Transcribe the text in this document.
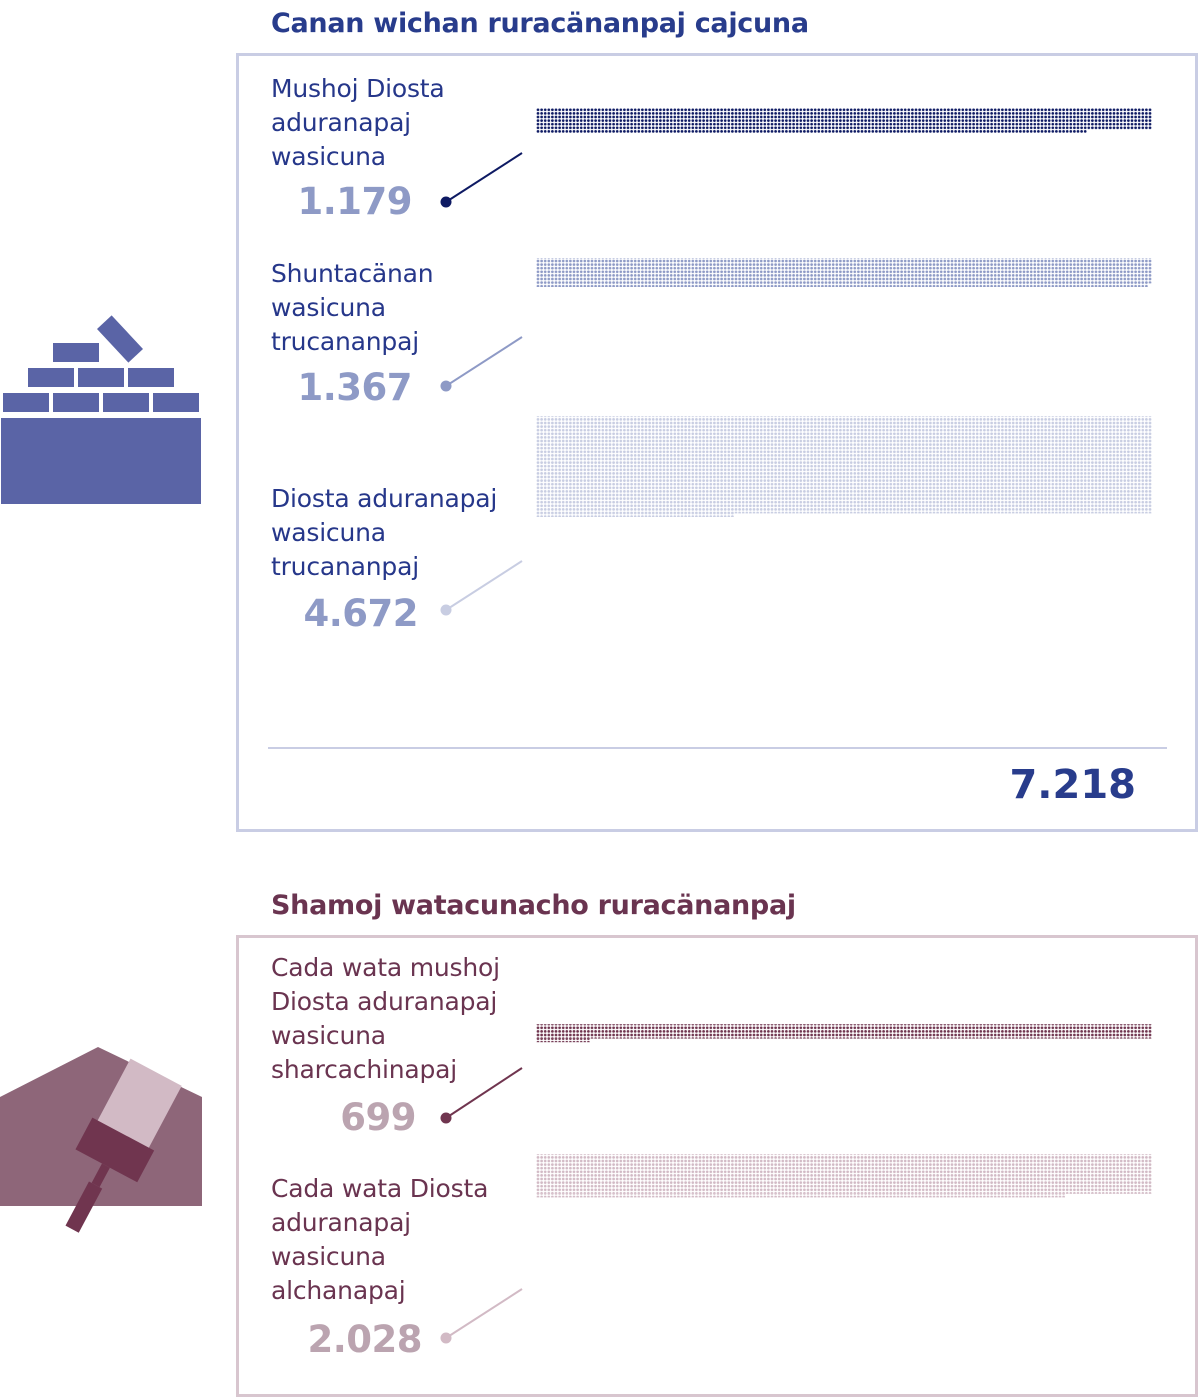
Canan wichan ruracänanpaj cajcuna

Mushoj Diosta
aduranapaj
wasicuna

1.179

Shuntacänan
wasicuna
trucananpaj

1.367

Diosta aduranapaj
wasicuna
trucananpaj

4.672
7.218
Shamoj watacunacho ruracänanpaj

Cada wata mushoj
Diosta aduranapaj
wasicuna
sharcachinapaj

699

Cada wata Diosta
aduranapaj
wasicuna
alchanapaj

2.028
